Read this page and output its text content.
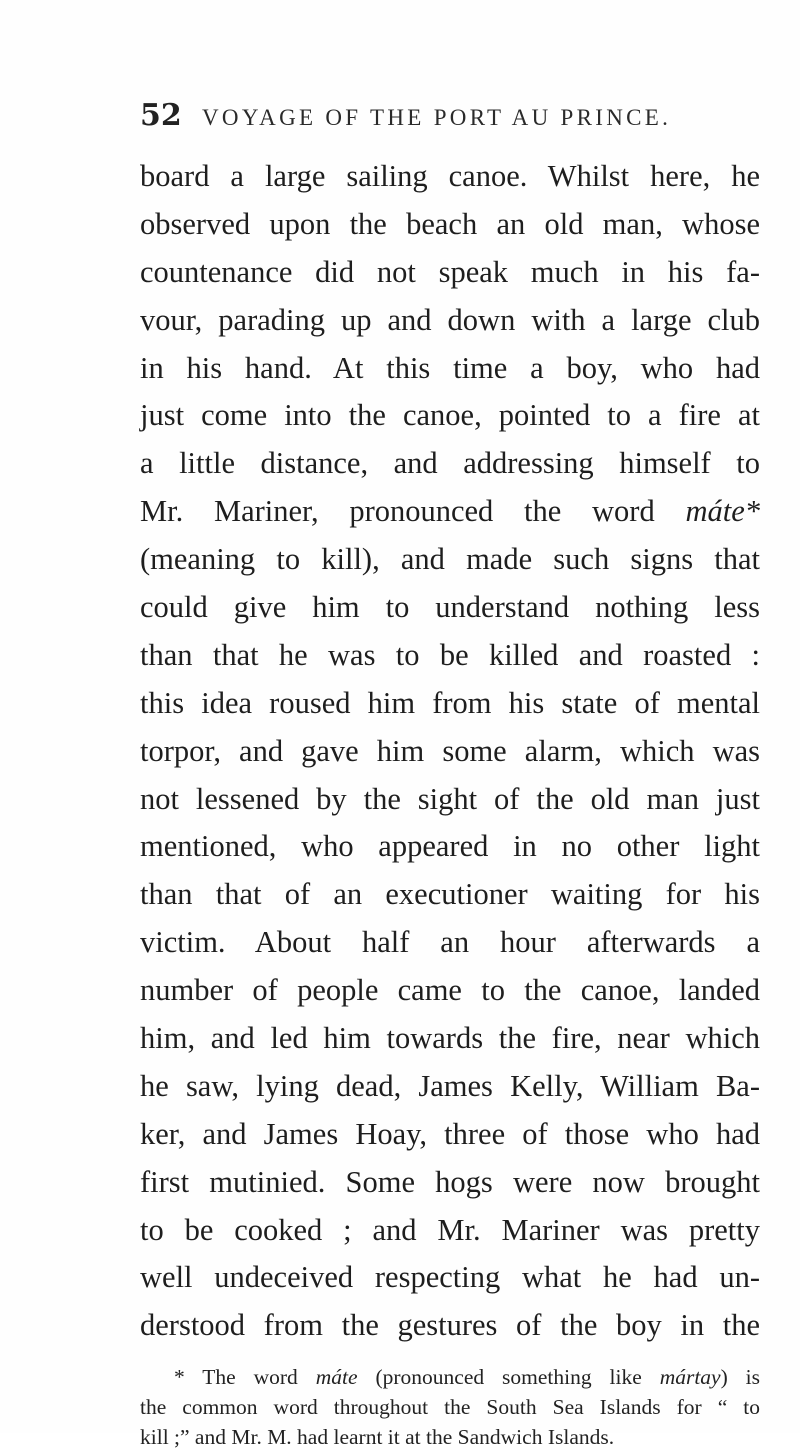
52 VOYAGE OF THE PORT AU PRINCE.
board a large sailing canoe. Whilst here, he
observed upon the beach an old man, whose
countenance did not speak much in his fa-
vour, parading up and down with a large club
in his hand. At this time a boy, who had
just come into the canoe, pointed to a fire at
a little distance, and addressing himself to
Mr. Mariner, pronounced the word máte*
(meaning to kill), and made such signs that
could give him to understand nothing less
than that he was to be killed and roasted :
this idea roused him from his state of mental
torpor, and gave him some alarm, which was
not lessened by the sight of the old man just
mentioned, who appeared in no other light
than that of an executioner waiting for his
victim. About half an hour afterwards a
number of people came to the canoe, landed
him, and led him towards the fire, near which
he saw, lying dead, James Kelly, William Ba-
ker, and James Hoay, three of those who had
first mutinied. Some hogs were now brought
to be cooked ; and Mr. Mariner was pretty
well undeceived respecting what he had un-
derstood from the gestures of the boy in the
* The word máte (pronounced something like mártay) is
the common word throughout the South Sea Islands for “ to
kill ;” and Mr. M. had learnt it at the Sandwich Islands.
